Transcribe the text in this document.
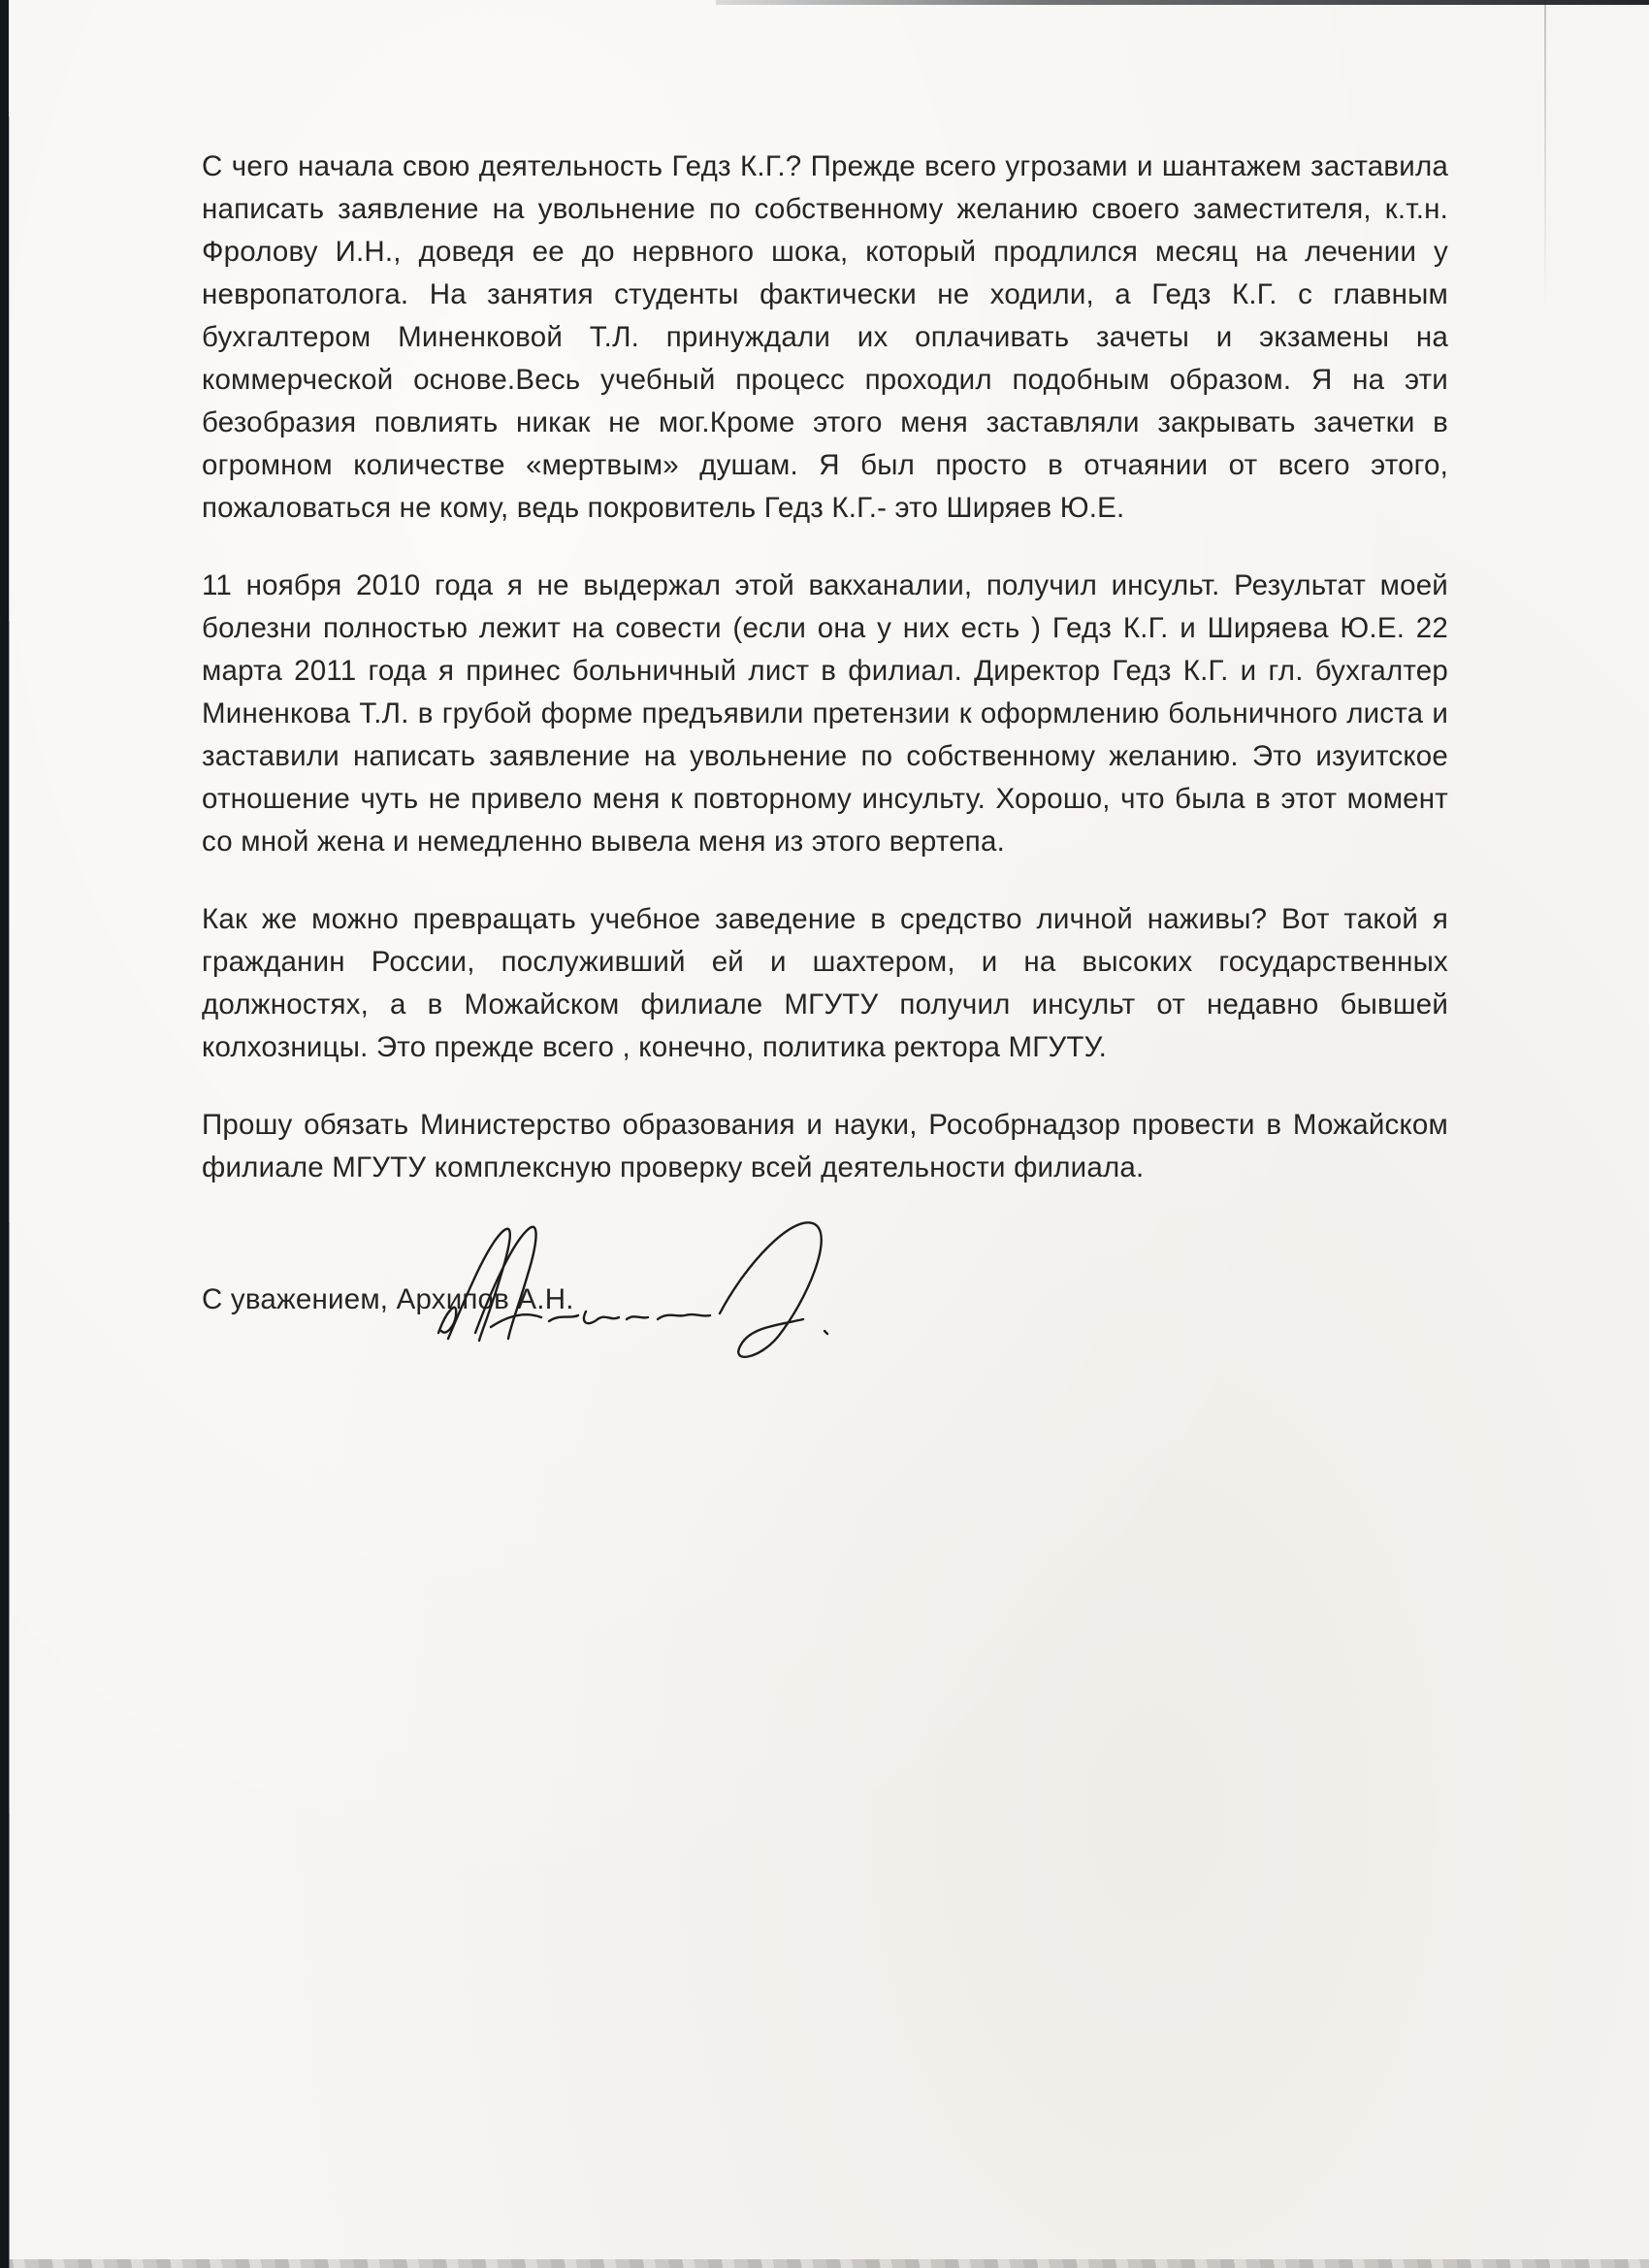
С чего начала свою деятельность Гедз К.Г.? Прежде всего угрозами и шантажем заставила написать заявление на увольнение по собственному желанию своего заместителя, к.т.н. Фролову И.Н., доведя ее до нервного шока, который продлился месяц на лечении у невропатолога. На занятия студенты фактически не ходили, а Гедз К.Г. с главным бухгалтером Миненковой Т.Л. принуждали их оплачивать зачеты и экзамены на коммерческой основе.Весь учебный процесс проходил подобным образом. Я на эти безобразия повлиять никак не мог.Кроме этого меня заставляли закрывать зачетки в огромном количестве «мертвым» душам. Я был просто в отчаянии от всего этого, пожаловаться не кому, ведь покровитель Гедз К.Г.- это Ширяев Ю.Е.

11 ноября 2010 года я не выдержал этой вакханалии, получил инсульт. Результат моей болезни полностью лежит на совести (если она у них есть ) Гедз К.Г. и Ширяева Ю.Е. 22 марта 2011 года я принес больничный лист в филиал. Директор Гедз К.Г. и гл. бухгалтер Миненкова Т.Л. в грубой форме предъявили претензии к оформлению больничного листа и заставили написать заявление на увольнение по собственному желанию. Это изуитское отношение чуть не привело меня к повторному инсульту. Хорошо, что была в этот момент со мной жена и немедленно вывела меня из этого вертепа.

Как же можно превращать учебное заведение в средство личной наживы? Вот такой я гражданин России, послуживший ей и шахтером, и на высоких государственных должностях, а в Можайском филиале МГУТУ получил инсульт от недавно бывшей колхозницы. Это прежде всего , конечно, политика ректора МГУТУ.

Прошу обязать Министерство образования и науки, Рособрнадзор провести в Можайском филиале МГУТУ комплексную проверку всей деятельности филиала.

С уважением, Архипов А.Н.
